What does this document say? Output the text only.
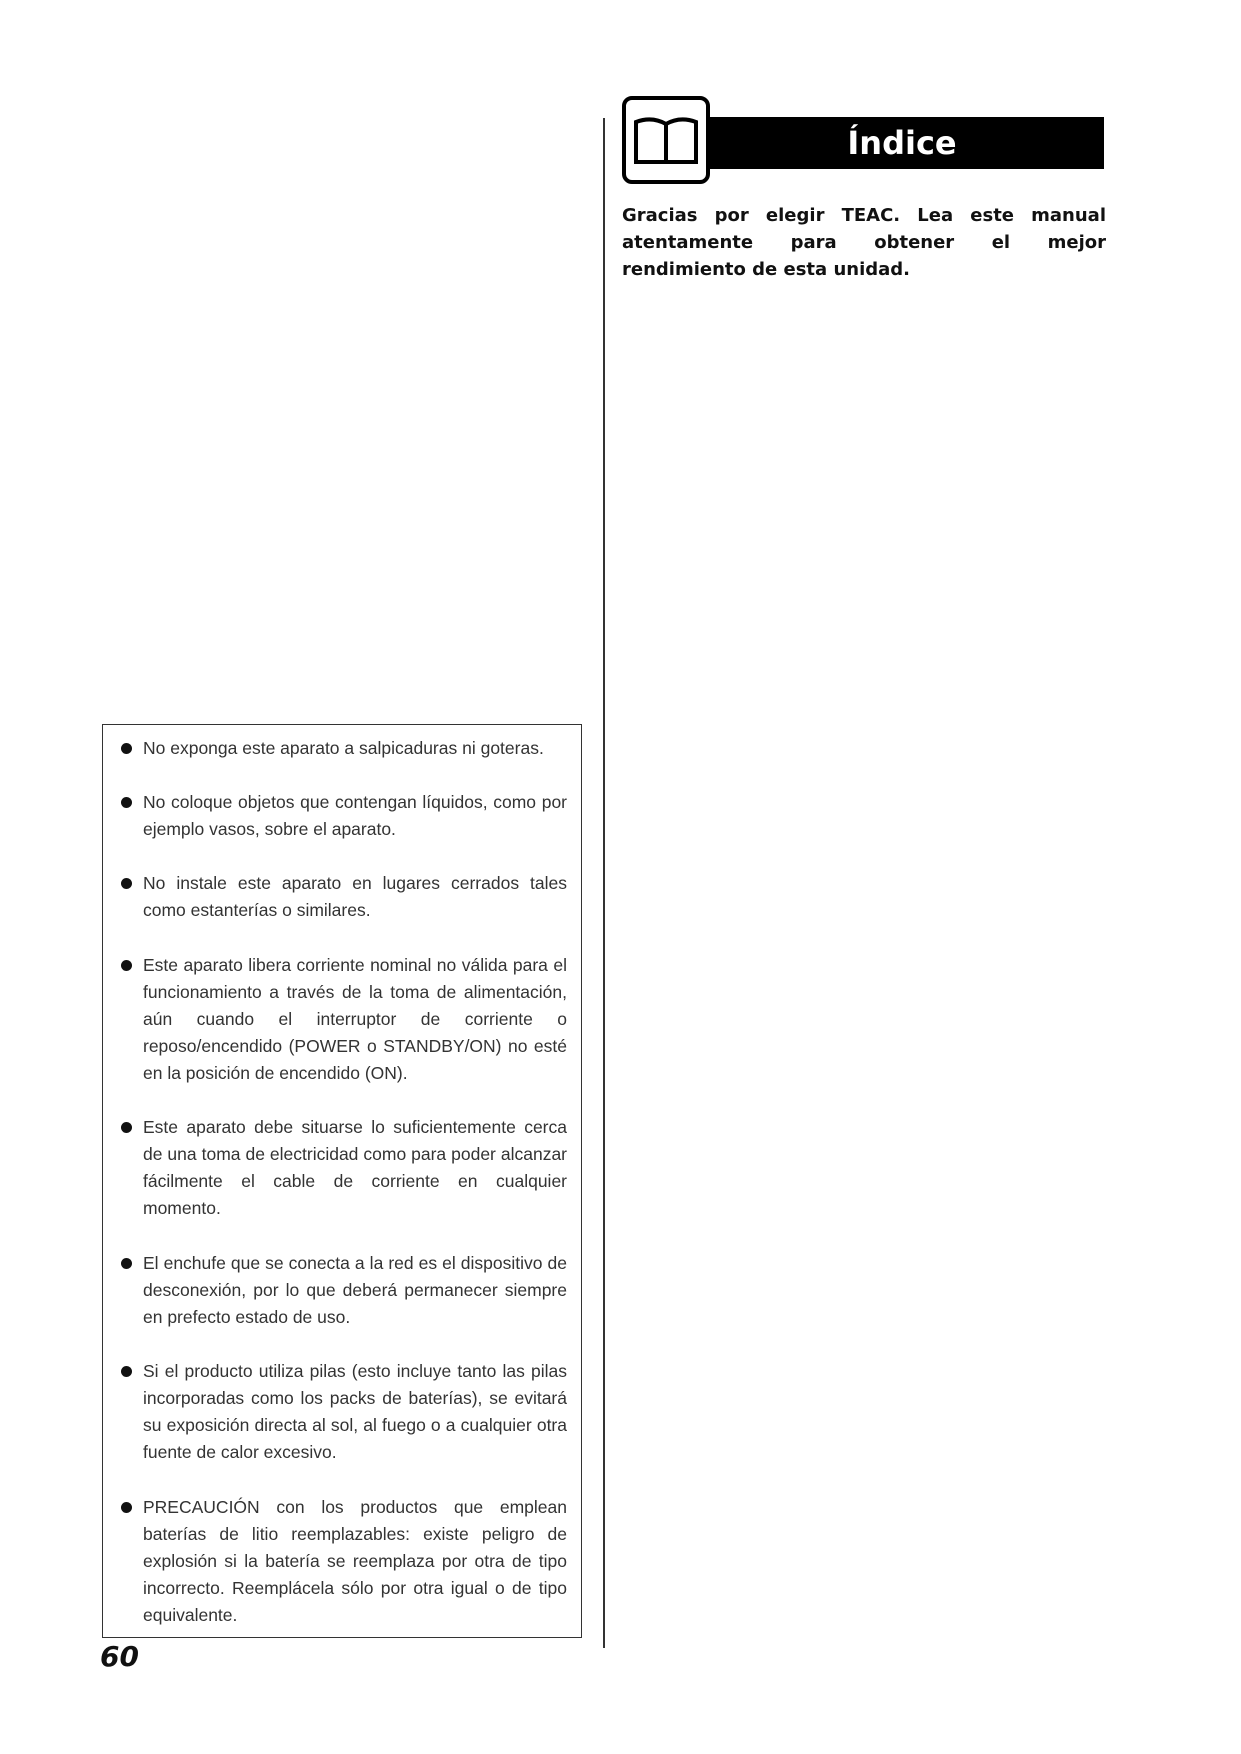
Índice
Gracias por elegir TEAC. Lea este manual atentamente para obtener el mejor rendimiento de esta unidad.
No exponga este aparato a salpicaduras ni goteras.
No coloque objetos que contengan líquidos, como por ejemplo vasos, sobre el aparato.
No instale este aparato en lugares cerrados tales como estanterías o similares.
Este aparato libera corriente nominal no válida para el funcionamiento a través de la toma de alimentación, aún cuando el interruptor de corriente o reposo/encendido (POWER o STANDBY/ON) no esté en la posición de encendido (ON).
Este aparato debe situarse lo suficientemente cerca de una toma de electricidad como para poder alcanzar fácilmente el cable de corriente en cualquier momento.
El enchufe que se conecta a la red es el dispositivo de desconexión, por lo que deberá permanecer siempre en prefecto estado de uso.
Si el producto utiliza pilas (esto incluye tanto las pilas incorporadas como los packs de baterías), se evitará su exposición directa al sol, al fuego o a cualquier otra fuente de calor excesivo.
PRECAUCIÓN con los productos que emplean baterías de litio reemplazables: existe peligro de explosión si la batería se reemplaza por otra de tipo incorrecto. Reemplácela sólo por otra igual o de tipo equivalente.
60
